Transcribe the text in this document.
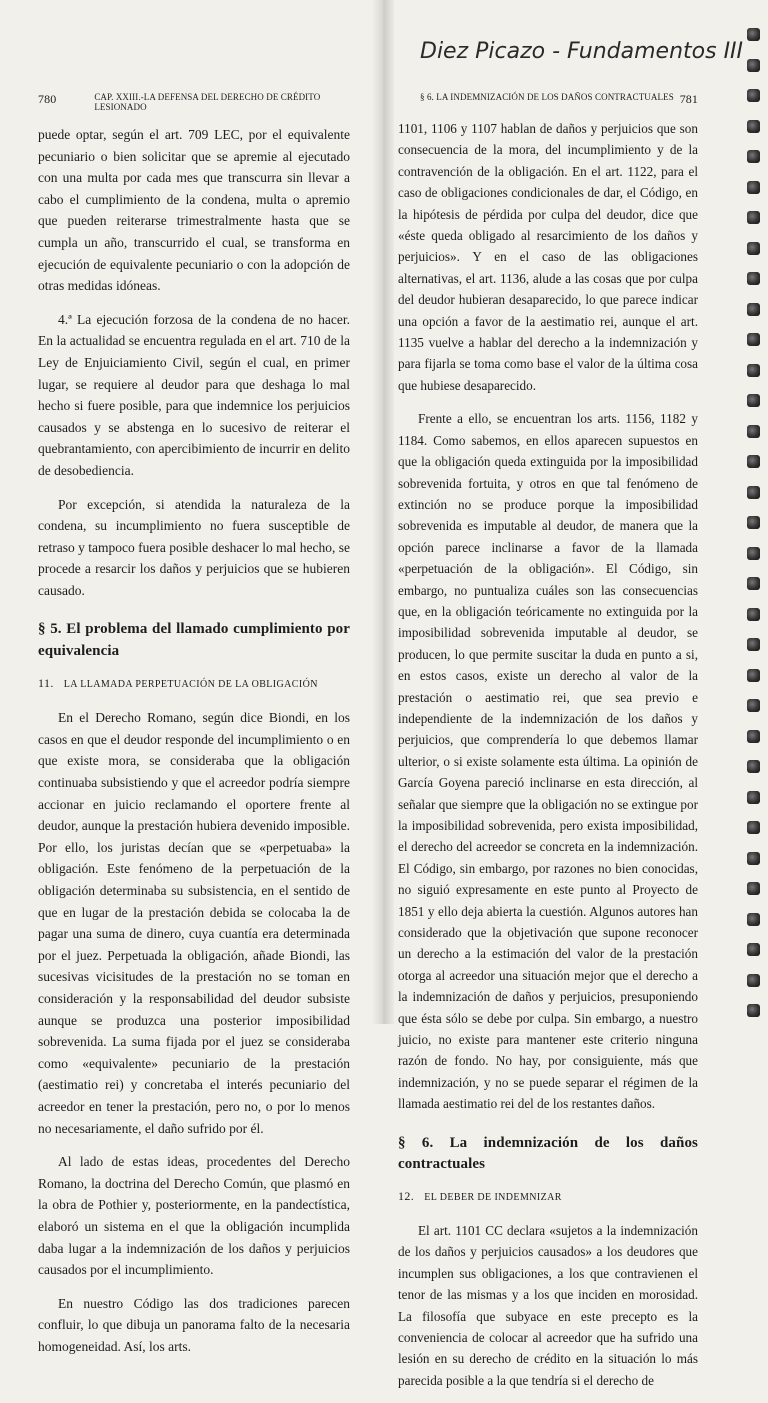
Diez Picazo - Fundamentos III
780	CAP. XXIII.-LA DEFENSA DEL DERECHO DE CRÉDITO LESIONADO

puede optar, según el art. 709 LEC, por el equivalente pecuniario o bien solicitar que se apremie al ejecutado con una multa por cada mes que transcurra sin llevar a cabo el cumplimiento de la condena, multa o apremio que pueden reiterarse trimestralmente hasta que se cumpla un año, transcurrido el cual, se transforma en ejecución de equivalente pecuniario o con la adopción de otras medidas idóneas.

4.ª La ejecución forzosa de la condena de no hacer. En la actualidad se encuentra regulada en el art. 710 de la Ley de Enjuiciamiento Civil, según el cual, en primer lugar, se requiere al deudor para que deshaga lo mal hecho si fuere posible, para que indemnice los perjuicios causados y se abstenga en lo sucesivo de reiterar el quebrantamiento, con apercibimiento de incurrir en delito de desobediencia.

Por excepción, si atendida la naturaleza de la condena, su incumplimiento no fuera susceptible de retraso y tampoco fuera posible deshacer lo mal hecho, se procede a resarcir los daños y perjuicios que se hubieren causado.

§ 5. El problema del llamado cumplimiento por equivalencia
11. LA LLAMADA PERPETUACIÓN DE LA OBLIGACIÓN

En el Derecho Romano, según dice Biondi, en los casos en que el deudor responde del incumplimiento o en que existe mora, se consideraba que la obligación continuaba subsistiendo y que el acreedor podría siempre accionar en juicio reclamando el oportere frente al deudor, aunque la prestación hubiera devenido imposible. Por ello, los juristas decían que se «perpetuaba» la obligación. Este fenómeno de la perpetuación de la obligación determinaba su subsistencia, en el sentido de que en lugar de la prestación debida se colocaba la de pagar una suma de dinero, cuya cuantía era determinada por el juez. Perpetuada la obligación, añade Biondi, las sucesivas vicisitudes de la prestación no se toman en consideración y la responsabilidad del deudor subsiste aunque se produzca una posterior imposibilidad sobrevenida. La suma fijada por el juez se consideraba como «equivalente» pecuniario de la prestación (aestimatio rei) y concretaba el interés pecuniario del acreedor en tener la prestación, pero no, o por lo menos no necesariamente, el daño sufrido por él.

Al lado de estas ideas, procedentes del Derecho Romano, la doctrina del Derecho Común, que plasmó en la obra de Pothier y, posteriormente, en la pandectística, elaboró un sistema en el que la obligación incumplida daba lugar a la indemnización de los daños y perjuicios causados por el incumplimiento.

En nuestro Código las dos tradiciones parecen confluir, lo que dibuja un panorama falto de la necesaria homogeneidad. Así, los arts.

§ 6. LA INDEMNIZACIÓN DE LOS DAÑOS CONTRACTUALES 781

1101, 1106 y 1107 hablan de daños y perjuicios que son consecuencia de la mora, del incumplimiento y de la contravención de la obligación. En el art. 1122, para el caso de obligaciones condicionales de dar, el Código, en la hipótesis de pérdida por culpa del deudor, dice que «éste queda obligado al resarcimiento de los daños y perjuicios». Y en el caso de las obligaciones alternativas, el art. 1136, alude a las cosas que por culpa del deudor hubieran desaparecido, lo que parece indicar una opción a favor de la aestimatio rei, aunque el art. 1135 vuelve a hablar del derecho a la indemnización y para fijarla se toma como base el valor de la última cosa que hubiese desaparecido.

Frente a ello, se encuentran los arts. 1156, 1182 y 1184. Como sabemos, en ellos aparecen supuestos en que la obligación queda extinguida por la imposibilidad sobrevenida fortuita, y otros en que tal fenómeno de extinción no se produce porque la imposibilidad sobrevenida es imputable al deudor, de manera que la opción parece inclinarse a favor de la llamada «perpetuación de la obligación». El Código, sin embargo, no puntualiza cuáles son las consecuencias que, en la obligación teóricamente no extinguida por la imposibilidad sobrevenida imputable al deudor, se producen, lo que permite suscitar la duda en punto a si, en estos casos, existe un derecho al valor de la prestación o aestimatio rei, que sea previo e independiente de la indemnización de los daños y perjuicios, que comprendería lo que debemos llamar ulterior, o si existe solamente esta última. La opinión de García Goyena pareció inclinarse en esta dirección, al señalar que siempre que la obligación no se extingue por la imposibilidad sobrevenida, pero exista imposibilidad, el derecho del acreedor se concreta en la indemnización. El Código, sin embargo, por razones no bien conocidas, no siguió expresamente en este punto al Proyecto de 1851 y ello deja abierta la cuestión. Algunos autores han considerado que la objetivación que supone reconocer un derecho a la estimación del valor de la prestación otorga al acreedor una situación mejor que el derecho a la indemnización de daños y perjuicios, presuponiendo que ésta sólo se debe por culpa. Sin embargo, a nuestro juicio, no existe para mantener este criterio ninguna razón de fondo. No hay, por consiguiente, más que indemnización, y no se puede separar el régimen de la llamada aestimatio rei del de los restantes daños.

§ 6. La indemnización de los daños contractuales
12. EL DEBER DE INDEMNIZAR

El art. 1101 CC declara «sujetos a la indemnización de los daños y perjuicios causados» a los deudores que incumplen sus obligaciones, a los que contravienen el tenor de las mismas y a los que inciden en morosidad. La filosofía que subyace en este precepto es la conveniencia de colocar al acreedor que ha sufrido una lesión en su derecho de crédito en la situación lo más parecida posible a la que tendría si el derecho de
